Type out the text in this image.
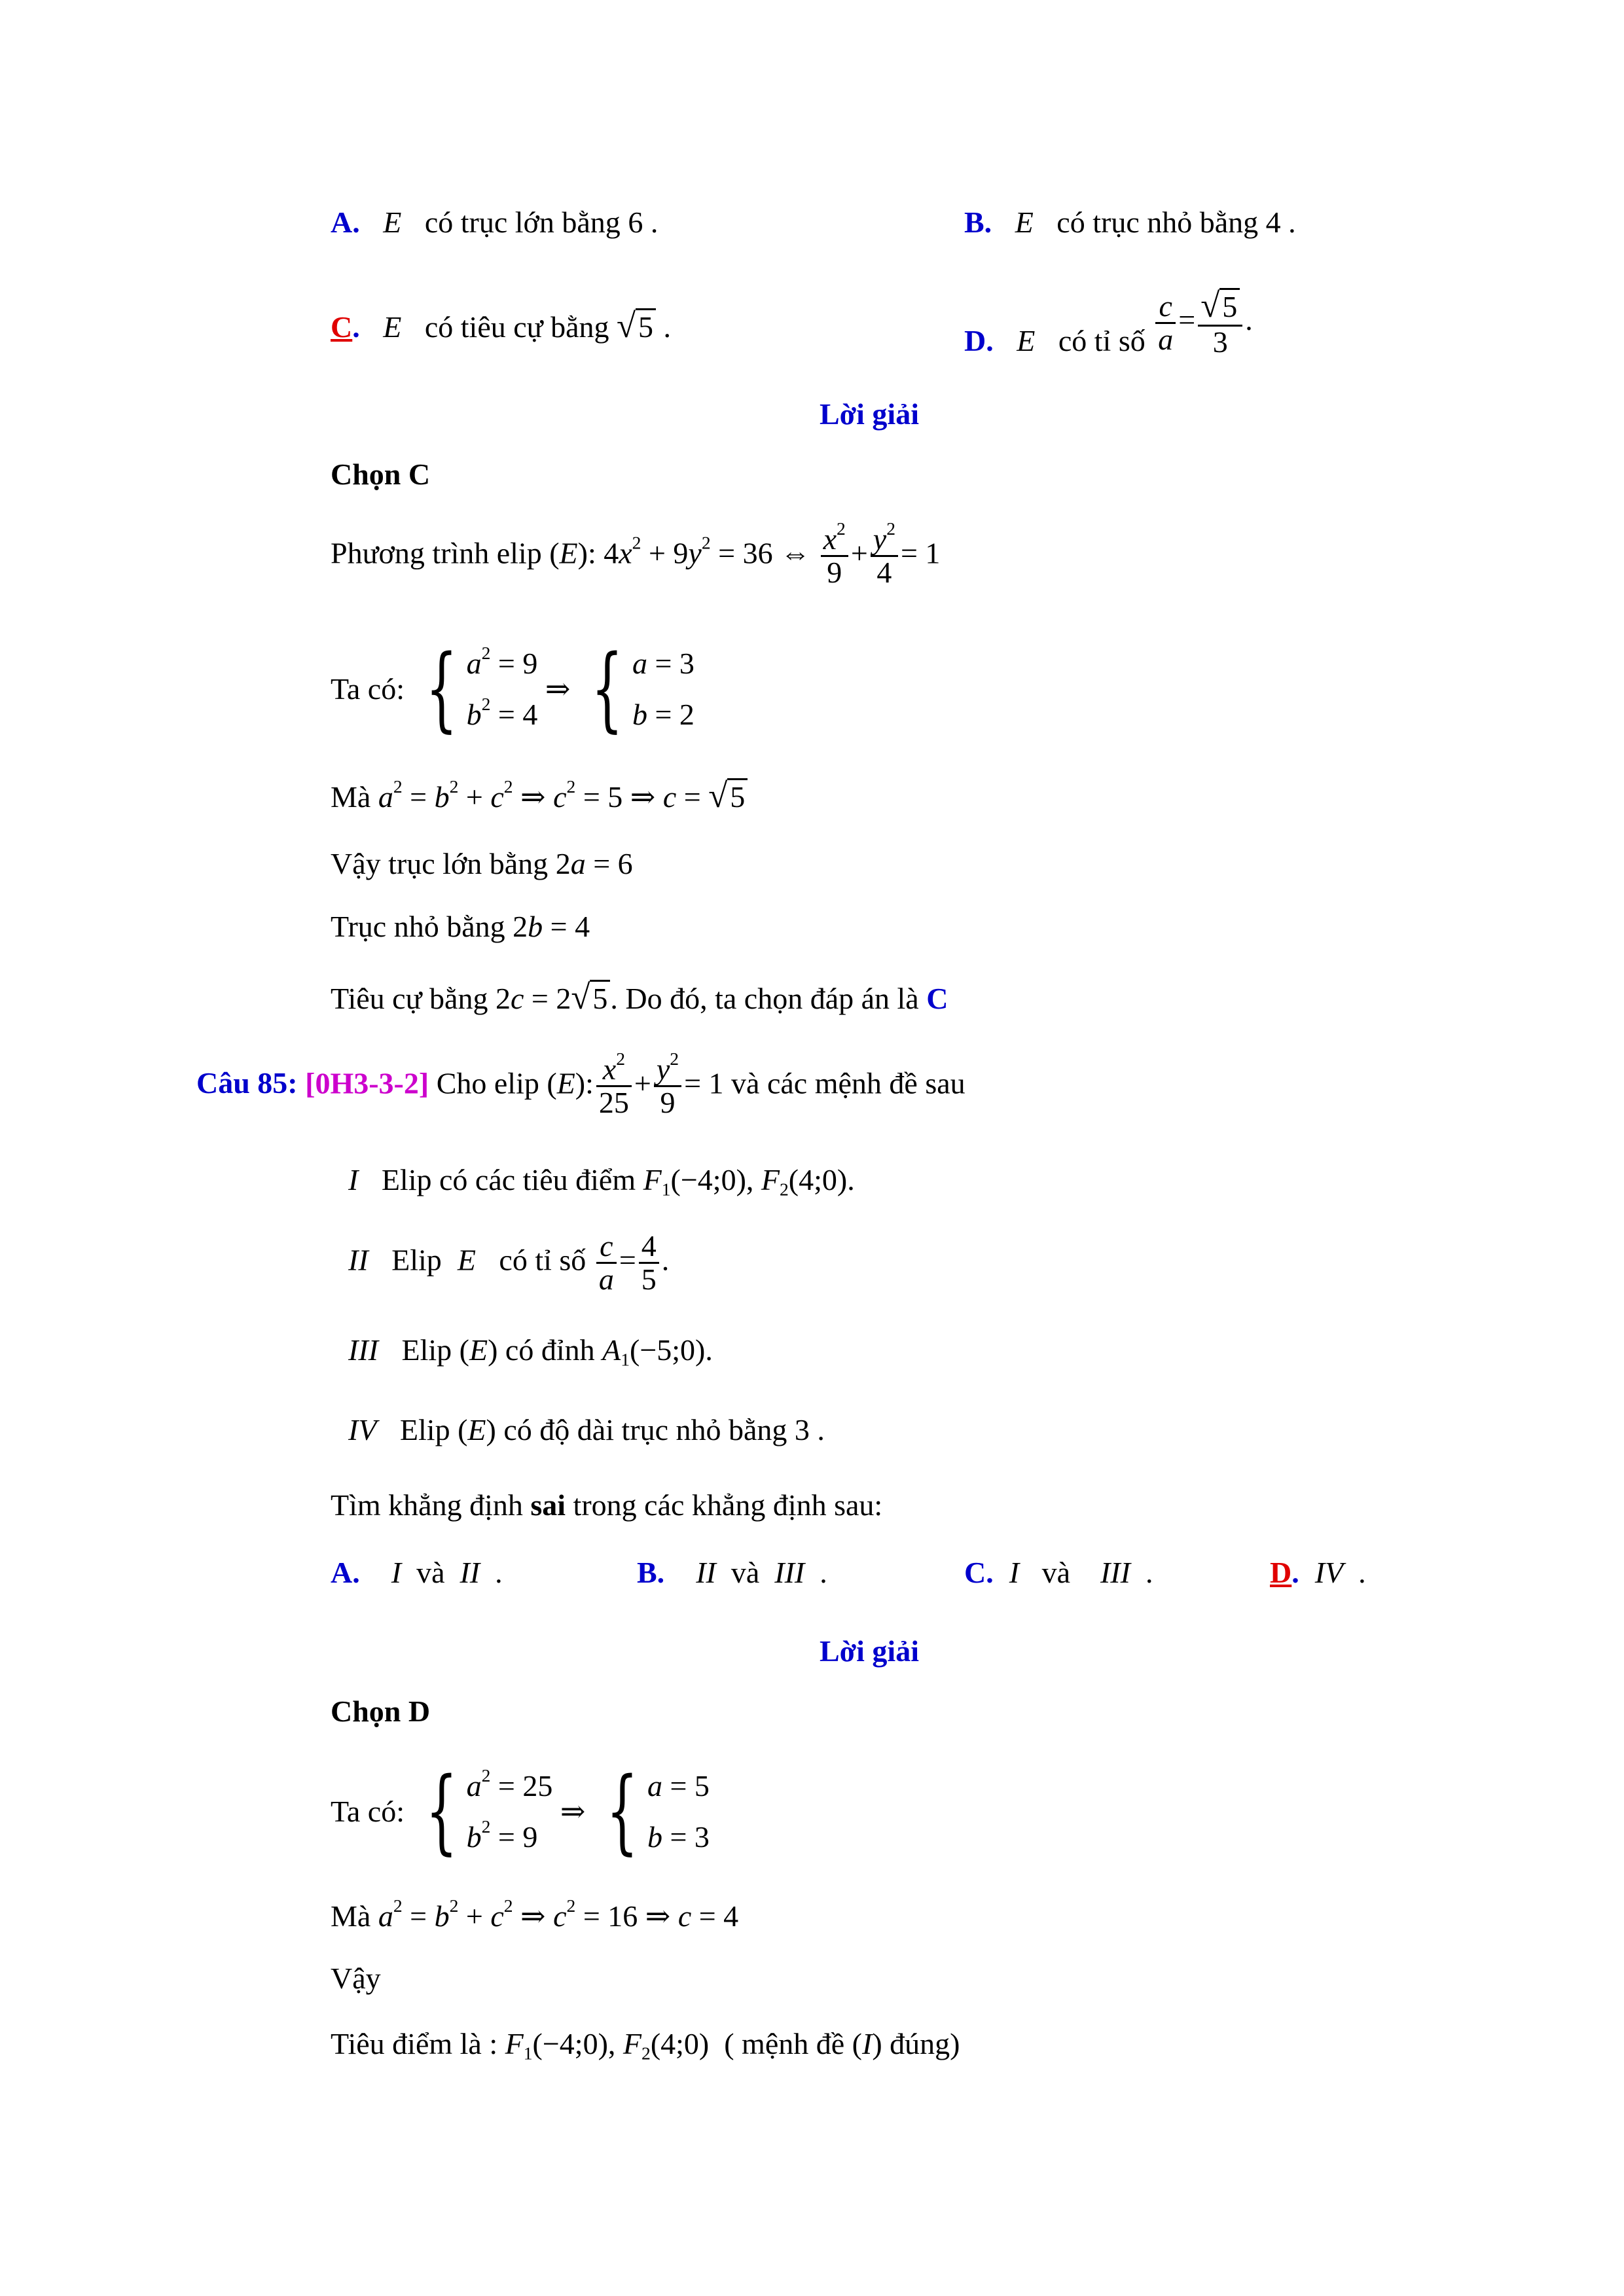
A. E có trục lớn bằng 6 .	B. E có trục nhỏ bằng 4 .
C. E có tiêu cự bằng √5 .	D. E có tỉ số $\frac{c}{a} = \frac{√5}{3}$ .
Lời giải
Chọn C
Phương trình elip (E): $4x^2 + 9y^2 = 36$ ⇔ $\frac{x^2}{9} + \frac{y^2}{4} = 1$
Ta có: { $a^2 = 9$
$b^2 = 4$
⇒ { a = 3
b = 2
Mà $a^2 = b^2 + c^2$ ⇒ $c^2 = 5$ ⇒ c = √5
Vậy trục lớn bằng 2a = 6
Trục nhỏ bằng 2b = 4
Tiêu cự bằng 2c = 2√5. Do đó, ta chọn đáp án là C
Câu 85: [0H3-3-2] Cho elip (E): $\frac{x^2}{25} + \frac{y^2}{9} = 1$ và các mệnh đề sau
I Elip có các tiêu điểm $F_1(-4;0)$, $F_2(4;0)$.
II Elip E có tỉ số $\frac{c}{a} = \frac{4}{5}$ .
III Elip (E) có đỉnh $A_1(-5;0)$.
IV Elip (E) có độ dài trục nhỏ bằng 3 .
Tìm khẳng định sai trong các khẳng định sau:
A. I và II  .	B. II và III  .	C. I và III  .	D. IV  .
Lời giải
Chọn D
Ta có: { $a^2 = 25$
$b^2 = 9$
⇒ { a = 5
b = 3
Mà $a^2 = b^2 + c^2$ ⇒ $c^2 = 16$ ⇒ c = 4
Vậy
Tiêu điểm là : $F_1(-4;0)$, $F_2(4;0)$  ( mệnh đề (I) đúng)
